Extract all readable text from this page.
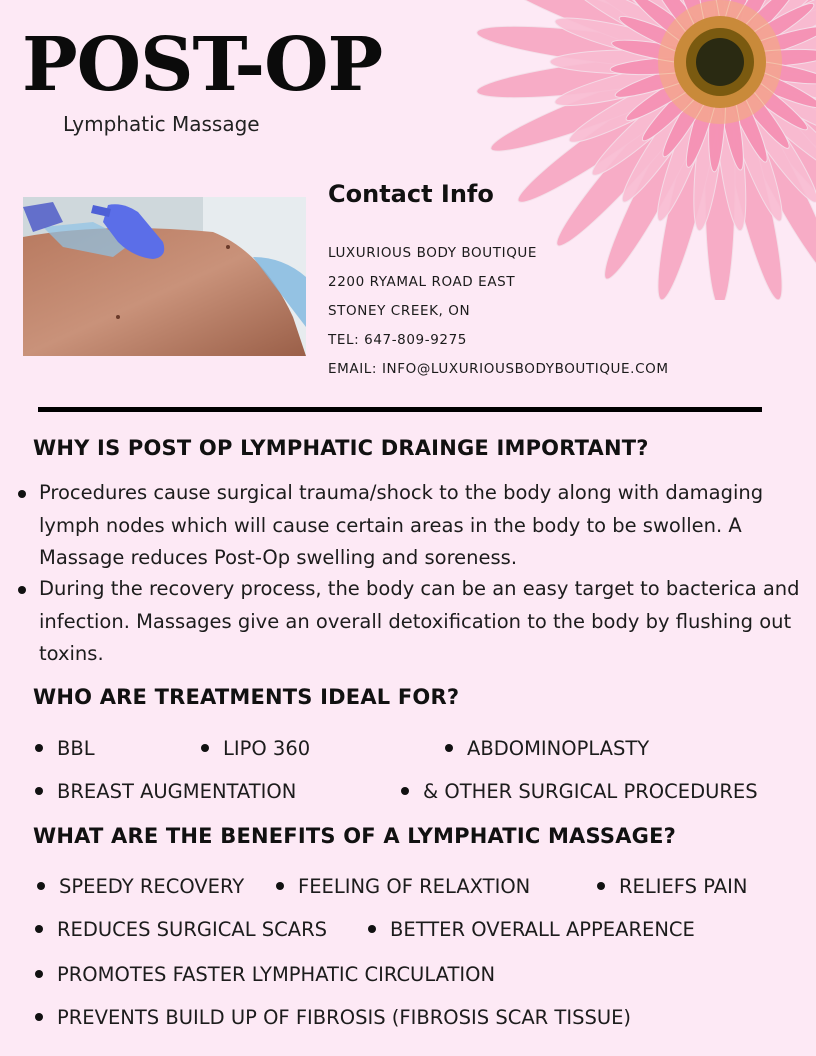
POST-OP
Lymphatic Massage
Contact Info
LUXURIOUS BODY BOUTIQUE
2200 RYAMAL ROAD EAST
STONEY CREEK, ON
TEL: 647-809-9275
EMAIL: INFO@LUXURIOUSBODYBOUTIQUE.COM
WHY IS POST OP LYMPHATIC DRAINGE IMPORTANT?
Procedures cause surgical trauma/shock to the body along with damaging lymph nodes which will cause certain areas in the body to be swollen. A Massage reduces Post-Op swelling and soreness.
During the recovery process, the body can be an easy target to bacterica and infection. Massages give an overall detoxification to the body by flushing out toxins.
WHO ARE TREATMENTS IDEAL FOR?
BBL	LIPO 360	ABDOMINOPLASTY
BREAST AUGMENTATION	& OTHER SURGICAL PROCEDURES
WHAT ARE THE BENEFITS OF A LYMPHATIC MASSAGE?
SPEEDY RECOVERY	FEELING OF RELAXTION	RELIEFS PAIN
REDUCES SURGICAL SCARS	BETTER OVERALL APPEARENCE
PROMOTES FASTER LYMPHATIC CIRCULATION
PREVENTS BUILD UP OF FIBROSIS (FIBROSIS SCAR TISSUE)
